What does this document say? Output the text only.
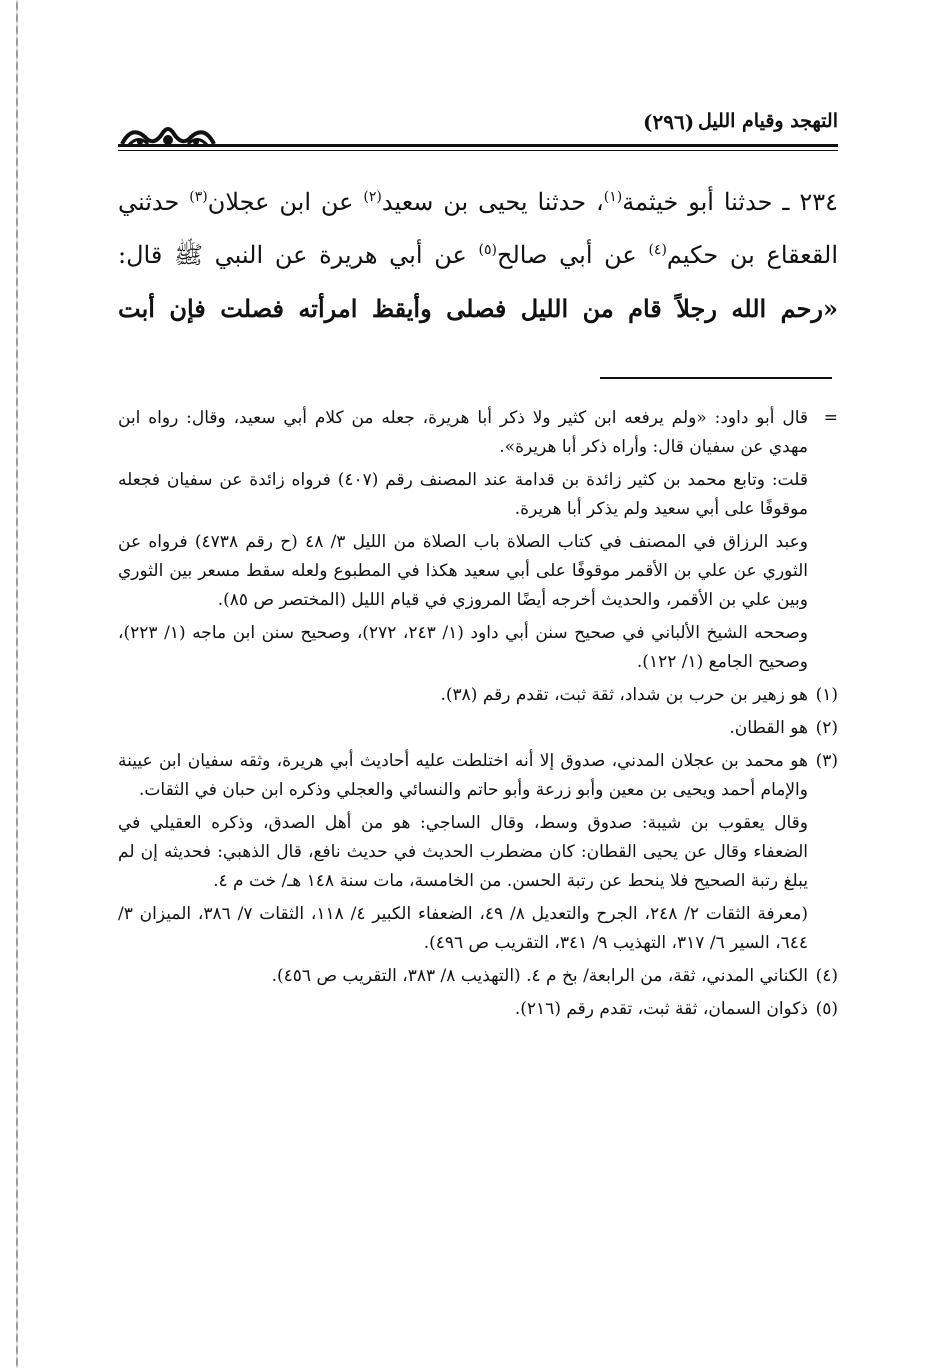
(٢٩٦) التهجد وقيام الليل

٢٣٤ ـ حدثنا أبو خيثمة$^{(١)}$، حدثنا يحيى بن سعيد$^{(٢)}$ عن ابن عجلان$^{(٣)}$ حدثني القعقاع بن حكيم$^{(٤)}$ عن أبي صالح$^{(٥)}$ عن أبي هريرة عن النبي ﷺ قال: «رحم الله رجلاً قام من الليل فصلى وأيقظ امرأته فصلت فإن أبت

=
قال أبو داود: «ولم يرفعه ابن كثير ولا ذكر أبا هريرة، جعله من كلام أبي سعيد، وقال: رواه ابن مهدي عن سفيان قال: وأراه ذكر أبا هريرة».
قلت: وتابع محمد بن كثير زائدة بن قدامة عند المصنف رقم (٤٠٧) فرواه زائدة عن سفيان فجعله موقوفًا على أبي سعيد ولم يذكر أبا هريرة.
وعبد الرزاق في المصنف في كتاب الصلاة باب الصلاة من الليل ٣/ ٤٨ (ح رقم ٤٧٣٨) فرواه عن الثوري عن علي بن الأقمر موقوفًا على أبي سعيد هكذا في المطبوع ولعله سقط مسعر بين الثوري وبين علي بن الأقمر، والحديث أخرجه أيضًا المروزي في قيام الليل (المختصر ص ٨٥).
وصححه الشيخ الألباني في صحيح سنن أبي داود (١/ ٢٤٣، ٢٧٢)، وصحيح سنن ابن ماجه (١/ ٢٢٣)، وصحيح الجامع (١/ ١٢٢).
(١)
هو زهير بن حرب بن شداد، ثقة ثبت، تقدم رقم (٣٨).
(٢)
هو القطان.
(٣)
هو محمد بن عجلان المدني، صدوق إلا أنه اختلطت عليه أحاديث أبي هريرة، وثقه سفيان ابن عيينة والإمام أحمد ويحيى بن معين وأبو زرعة وأبو حاتم والنسائي والعجلي وذكره ابن حبان في الثقات.
وقال يعقوب بن شيبة: صدوق وسط، وقال الساجي: هو من أهل الصدق، وذكره العقيلي في الضعفاء وقال عن يحيى القطان: كان مضطرب الحديث في حديث نافع، قال الذهبي: فحديثه إن لم يبلغ رتبة الصحيح فلا ينحط عن رتبة الحسن. من الخامسة، مات سنة ١٤٨ هـ/ خت م ٤.
(معرفة الثقات ٢/ ٢٤٨، الجرح والتعديل ٨/ ٤٩، الضعفاء الكبير ٤/ ١١٨، الثقات ٧/ ٣٨٦، الميزان ٣/ ٦٤٤، السير ٦/ ٣١٧، التهذيب ٩/ ٣٤١، التقريب ص ٤٩٦).
(٤)
الكناني المدني، ثقة، من الرابعة/ بخ م ٤. (التهذيب ٨/ ٣٨٣، التقريب ص ٤٥٦).
(٥)
ذكوان السمان، ثقة ثبت، تقدم رقم (٢١٦).
